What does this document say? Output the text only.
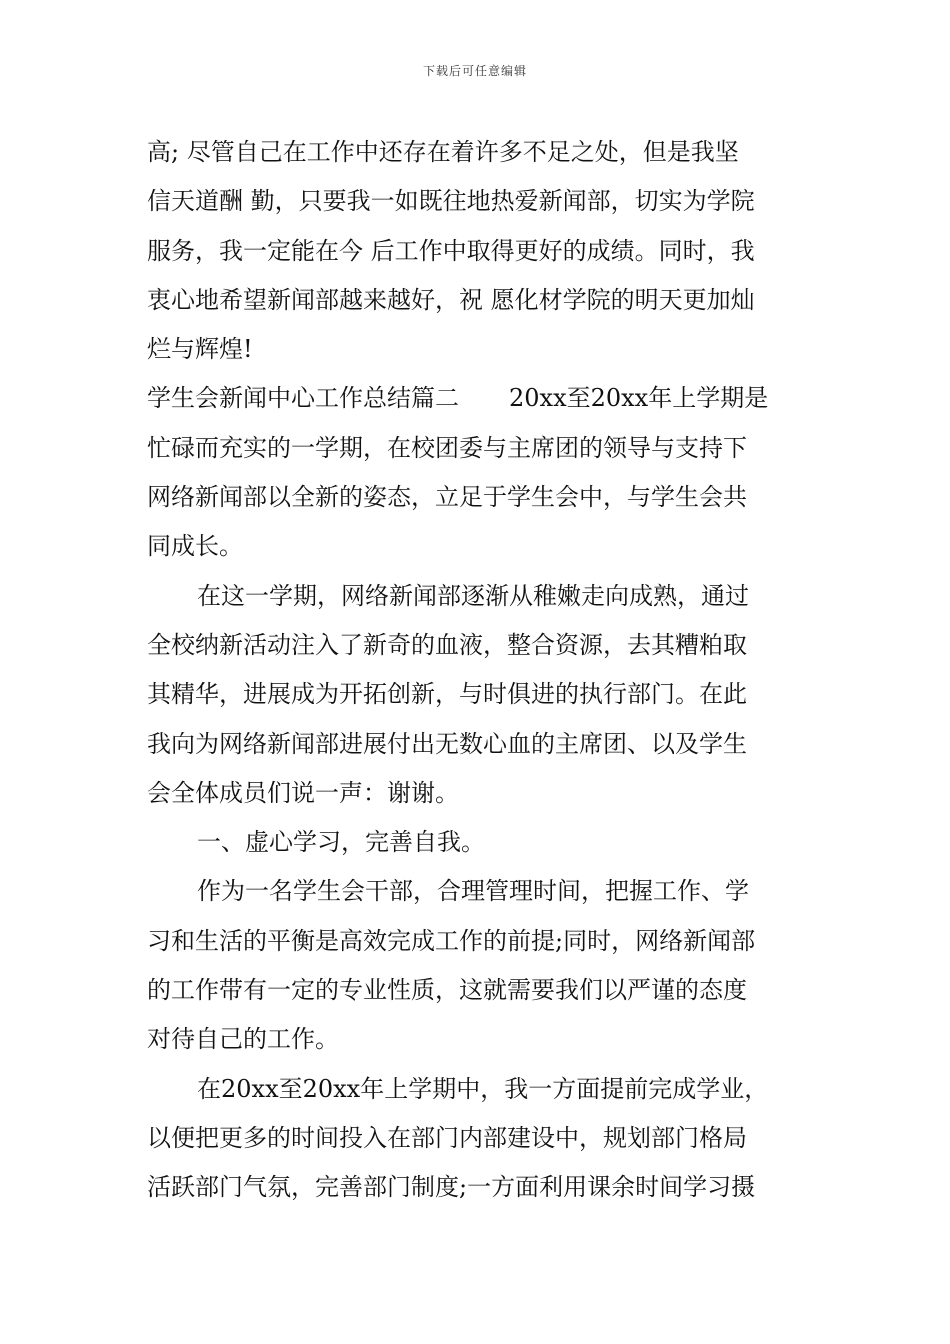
下载后可任意编辑
高; 尽管自己在工作中还存在着许多不足之处，但是我坚
信天道酬 勤，只要我一如既往地热爱新闻部，切实为学院
服务，我一定能在今 后工作中取得更好的成绩。同时，我
衷心地希望新闻部越来越好，祝 愿化材学院的明天更加灿
烂与辉煌!
学生会新闻中心工作总结篇二 20xx至20xx年上学期是
忙碌而充实的一学期，在校团委与主席团的领导与支持下
网络新闻部以全新的姿态，立足于学生会中，与学生会共
同成长。
在这一学期，网络新闻部逐渐从稚嫩走向成熟，通过
全校纳新活动注入了新奇的血液，整合资源，去其糟粕取
其精华，进展成为开拓创新，与时俱进的执行部门。在此
我向为网络新闻部进展付出无数心血的主席团、以及学生
会全体成员们说一声：谢谢。
一、虚心学习，完善自我。
作为一名学生会干部，合理管理时间，把握工作、学
习和生活的平衡是高效完成工作的前提;同时，网络新闻部
的工作带有一定的专业性质，这就需要我们以严谨的态度
对待自己的工作。
在20xx至20xx年上学期中，我一方面提前完成学业，
以便把更多的时间投入在部门内部建设中，规划部门格局
活跃部门气氛，完善部门制度;一方面利用课余时间学习摄
